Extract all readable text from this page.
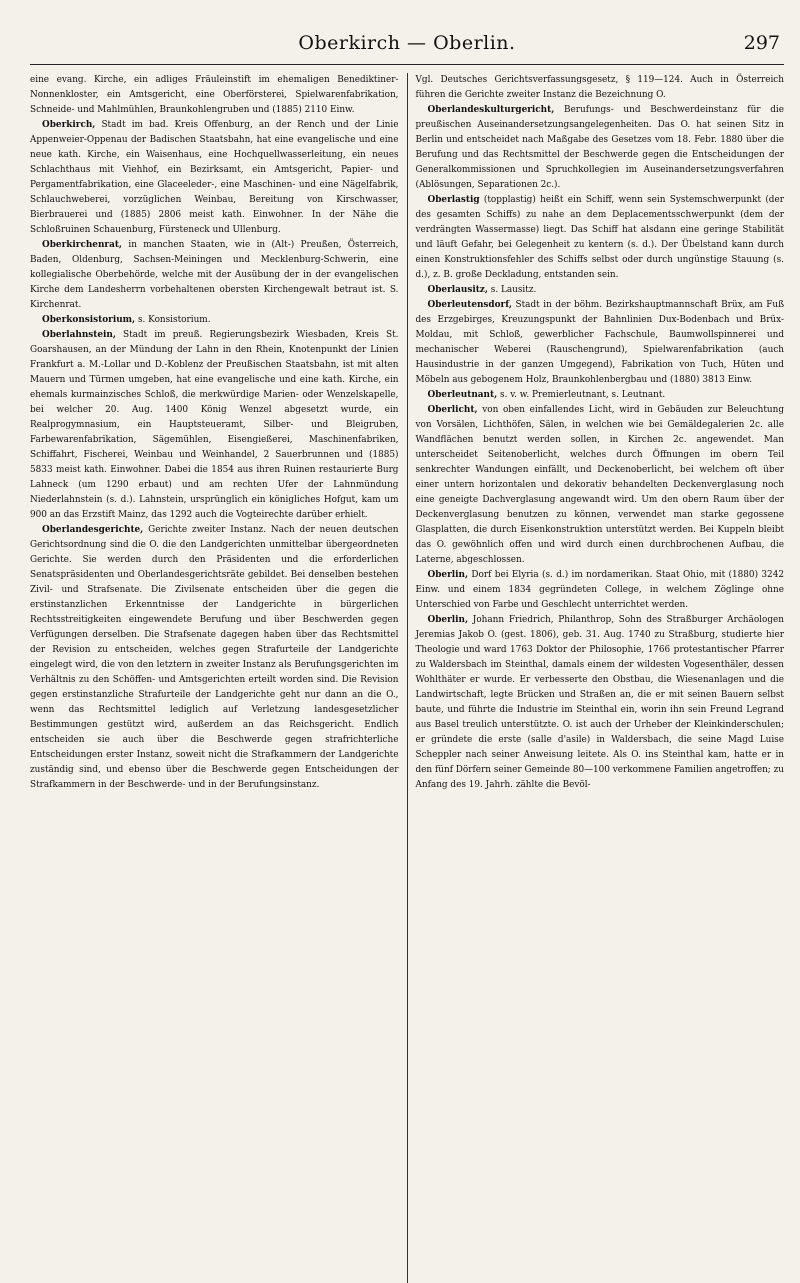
Oberkirch — Oberlin.	297

eine evang. Kirche, ein adliges Fräuleinstift im ehemaligen Benediktiner-Nonnenkloster, ein Amtsgericht, eine Oberförsterei, Spielwarenfabrikation, Schneide- und Mahlmühlen, Braunkohlengruben und (1885) 2110 Einw.

Oberkirch, Stadt im bad. Kreis Offenburg, an der Rench und der Linie Appenweier-Oppenau der Badischen Staatsbahn, hat eine evangelische und eine neue kath. Kirche, ein Waisenhaus, eine Hochquellwasserleitung, ein neues Schlachthaus mit Viehhof, ein Bezirksamt, ein Amtsgericht, Papier- und Pergamentfabrikation, eine Glaceeleder-, eine Maschinen- und eine Nägelfabrik, Schlauchweberei, vorzüglichen Weinbau, Bereitung von Kirschwasser, Bierbrauerei und (1885) 2806 meist kath. Einwohner. In der Nähe die Schloßruinen Schauenburg, Fürsteneck und Ullenburg.

Oberkirchenrat, in manchen Staaten, wie in (Alt-) Preußen, Österreich, Baden, Oldenburg, Sachsen-Meiningen und Mecklenburg-Schwerin, eine kollegialische Oberbehörde, welche mit der Ausübung der in der evangelischen Kirche dem Landesherrn vorbehaltenen obersten Kirchengewalt betraut ist. S. Kirchenrat.

Oberkonsistorium, s. Konsistorium.

Oberlahnstein, Stadt im preuß. Regierungsbezirk Wiesbaden, Kreis St. Goarshausen, an der Mündung der Lahn in den Rhein, Knotenpunkt der Linien Frankfurt a. M.-Lollar und D.-Koblenz der Preußischen Staatsbahn, ist mit alten Mauern und Türmen umgeben, hat eine evangelische und eine kath. Kirche, ein ehemals kurmainzisches Schloß, die merkwürdige Marien- oder Wenzelskapelle, bei welcher 20. Aug. 1400 König Wenzel abgesetzt wurde, ein Realprogymnasium, ein Hauptsteueramt, Silber- und Bleigruben, Farbewarenfabrikation, Sägemühlen, Eisengießerei, Maschinenfabriken, Schiffahrt, Fischerei, Weinbau und Weinhandel, 2 Sauerbrunnen und (1885) 5833 meist kath. Einwohner. Dabei die 1854 aus ihren Ruinen restaurierte Burg Lahneck (um 1290 erbaut) und am rechten Ufer der Lahnmündung Niederlahnstein (s. d.). Lahnstein, ursprünglich ein königliches Hofgut, kam um 900 an das Erzstift Mainz, das 1292 auch die Vogteirechte darüber erhielt.

Oberlandesgerichte, Gerichte zweiter Instanz. Nach der neuen deutschen Gerichtsordnung sind die O. die den Landgerichten unmittelbar übergeordneten Gerichte. Sie werden durch den Präsidenten und die erforderlichen Senatspräsidenten und Oberlandesgerichtsräte gebildet. Bei denselben bestehen Zivil- und Strafsenate. Die Zivilsenate entscheiden über die gegen die erstinstanzlichen Erkenntnisse der Landgerichte in bürgerlichen Rechtsstreitigkeiten eingewendete Berufung und über Beschwerden gegen Verfügungen derselben. Die Strafsenate dagegen haben über das Rechtsmittel der Revision zu entscheiden, welches gegen Strafurteile der Landgerichte eingelegt wird, die von den letztern in zweiter Instanz als Berufungsgerichten im Verhältnis zu den Schöffen- und Amtsgerichten erteilt worden sind. Die Revision gegen erstinstanzliche Strafurteile der Landgerichte geht nur dann an die O., wenn das Rechtsmittel lediglich auf Verletzung landesgesetzlicher Bestimmungen gestützt wird, außerdem an das Reichsgericht. Endlich entscheiden sie auch über die Beschwerde gegen strafrichterliche Entscheidungen erster Instanz, soweit nicht die Strafkammern der Landgerichte zuständig sind, und ebenso über die Beschwerde gegen Entscheidungen der Strafkammern in der Beschwerde- und in der Berufungsinstanz.

Vgl. Deutsches Gerichtsverfassungsgesetz, § 119—124. Auch in Österreich führen die Gerichte zweiter Instanz die Bezeichnung O.

Oberlandeskulturgericht, Berufungs- und Beschwerdeinstanz für die preußischen Auseinandersetzungsangelegenheiten. Das O. hat seinen Sitz in Berlin und entscheidet nach Maßgabe des Gesetzes vom 18. Febr. 1880 über die Berufung und das Rechtsmittel der Beschwerde gegen die Entscheidungen der Generalkommissionen und Spruchkollegien im Auseinandersetzungsverfahren (Ablösungen, Separationen 2c.).

Oberlastig (topplastig) heißt ein Schiff, wenn sein Systemschwerpunkt (der des gesamten Schiffs) zu nahe an dem Deplacementsschwerpunkt (dem der verdrängten Wassermasse) liegt. Das Schiff hat alsdann eine geringe Stabilität und läuft Gefahr, bei Gelegenheit zu kentern (s. d.). Der Übelstand kann durch einen Konstruktionsfehler des Schiffs selbst oder durch ungünstige Stauung (s. d.), z. B. große Deckladung, entstanden sein.

Oberlausitz, s. Lausitz.

Oberleutensdorf, Stadt in der böhm. Bezirkshauptmannschaft Brüx, am Fuß des Erzgebirges, Kreuzungspunkt der Bahnlinien Dux-Bodenbach und Brüx-Moldau, mit Schloß, gewerblicher Fachschule, Baumwollspinnerei und mechanischer Weberei (Rauschengrund), Spielwarenfabrikation (auch Hausindustrie in der ganzen Umgegend), Fabrikation von Tuch, Hüten und Möbeln aus gebogenem Holz, Braunkohlenbergbau und (1880) 3813 Einw.

Oberleutnant, s. v. w. Premierleutnant, s. Leutnant.

Oberlicht, von oben einfallendes Licht, wird in Gebäuden zur Beleuchtung von Vorsälen, Lichthöfen, Sälen, in welchen wie bei Gemäldegalerien 2c. alle Wandflächen benutzt werden sollen, in Kirchen 2c. angewendet. Man unterscheidet Seitenoberlicht, welches durch Öffnungen im obern Teil senkrechter Wandungen einfällt, und Deckenoberlicht, bei welchem oft über einer untern horizontalen und dekorativ behandelten Deckenverglasung noch eine geneigte Dachverglasung angewandt wird. Um den obern Raum über der Deckenverglasung benutzen zu können, verwendet man starke gegossene Glasplatten, die durch Eisenkonstruktion unterstützt werden. Bei Kuppeln bleibt das O. gewöhnlich offen und wird durch einen durchbrochenen Aufbau, die Laterne, abgeschlossen.

Oberlin, Dorf bei Elyria (s. d.) im nordamerikan. Staat Ohio, mit (1880) 3242 Einw. und einem 1834 gegründeten College, in welchem Zöglinge ohne Unterschied von Farbe und Geschlecht unterrichtet werden.

Oberlin, Johann Friedrich, Philanthrop, Sohn des Straßburger Archäologen Jeremias Jakob O. (gest. 1806), geb. 31. Aug. 1740 zu Straßburg, studierte hier Theologie und ward 1763 Doktor der Philosophie, 1766 protestantischer Pfarrer zu Waldersbach im Steinthal, damals einem der wildesten Vogesenthäler, dessen Wohlthäter er wurde. Er verbesserte den Obstbau, die Wiesenanlagen und die Landwirtschaft, legte Brücken und Straßen an, die er mit seinen Bauern selbst baute, und führte die Industrie im Steinthal ein, worin ihn sein Freund Legrand aus Basel treulich unterstützte. O. ist auch der Urheber der Kleinkinderschulen; er gründete die erste (salle d'asile) in Waldersbach, die seine Magd Luise Scheppler nach seiner Anweisung leitete. Als O. ins Steinthal kam, hatte er in den fünf Dörfern seiner Gemeinde 80—100 verkommene Familien angetroffen; zu Anfang des 19. Jahrh. zählte die Bevöl-
